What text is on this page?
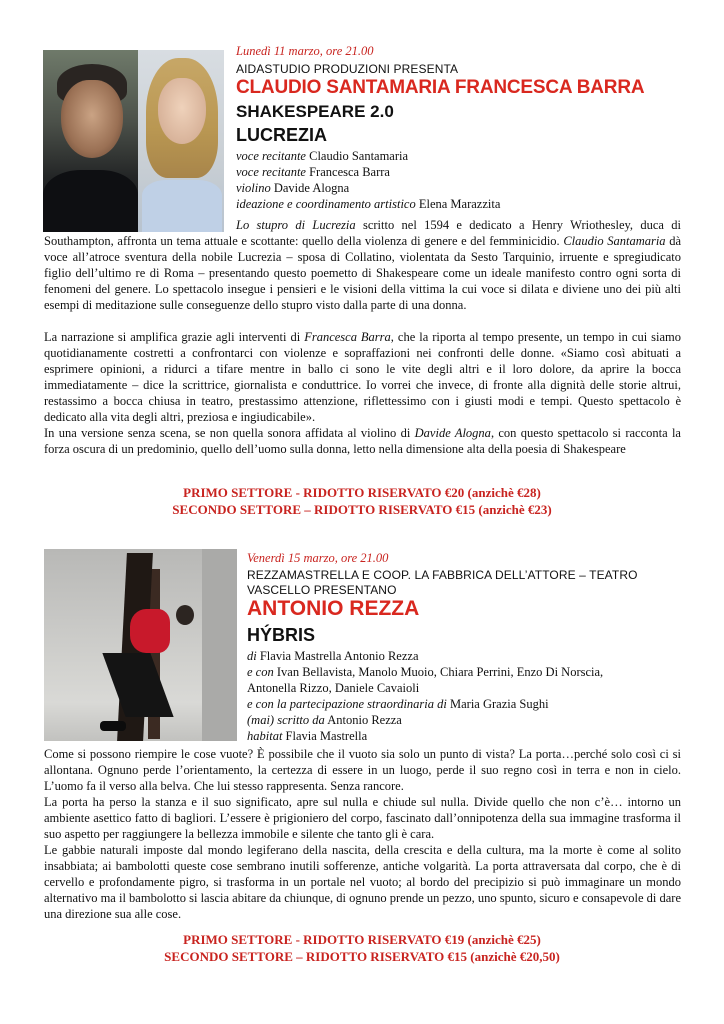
Lunedì 11 marzo, ore 21.00
AIDASTUDIO PRODUZIONI PRESENTA
CLAUDIO SANTAMARIA FRANCESCA BARRA
SHAKESPEARE 2.0
LUCREZIA
voce recitante Claudio Santamaria
voce recitante Francesca Barra
violino Davide Alogna
ideazione e coordinamento artistico Elena Marazzita

Lo stupro di Lucrezia scritto nel 1594 e dedicato a Henry Wriothesley, duca di Southampton, affronta un tema attuale e scottante: quello della violenza di genere e del femminicidio. Claudio Santamaria dà voce all’atroce sventura della nobile Lucrezia – sposa di Collatino, violentata da Sesto Tarquinio, irruente e spregiudicato figlio dell’ultimo re di Roma – presentando questo poemetto di Shakespeare come un ideale manifesto contro ogni sorta di fenomeni del genere. Lo spettacolo insegue i pensieri e le visioni della vittima la cui voce si dilata e diviene uno dei più alti esempi di meditazione sulle conseguenze dello stupro visto dalla parte di una donna.

La narrazione si amplifica grazie agli interventi di Francesca Barra, che la riporta al tempo presente, un tempo in cui siamo quotidianamente costretti a confrontarci con violenze e sopraffazioni nei confronti delle donne. «Siamo così abituati a esprimere opinioni, a ridurci a tifare mentre in ballo ci sono le vite degli altri e il loro dolore, da aprire la bocca immediatamente – dice la scrittrice, giornalista e conduttrice. Io vorrei che invece, di fronte alla dignità delle storie altrui, restassimo a bocca chiusa in teatro, prestassimo attenzione, riflettessimo con i giusti modi e tempi. Questo spettacolo è dedicato alla vita degli altri, preziosa e ingiudicabile».

In una versione senza scena, se non quella sonora affidata al violino di Davide Alogna, con questo spettacolo si racconta la forza oscura di un predominio, quello dell’uomo sulla donna, letto nella dimensione alta della poesia di Shakespeare

PRIMO SETTORE - RIDOTTO RISERVATO €20 (anzichè €28)
SECONDO SETTORE – RIDOTTO RISERVATO €15 (anzichè €23)
Venerdì 15 marzo, ore 21.00
REZZAMASTRELLA E COOP. LA FABBRICA DELL’ATTORE – TEATRO
VASCELLO PRESENTANO
ANTONIO REZZA
HÝBRIS
di Flavia Mastrella Antonio Rezza
e con Ivan Bellavista, Manolo Muoio, Chiara Perrini, Enzo Di Norscia,
Antonella Rizzo, Daniele Cavaioli
e con la partecipazione straordinaria di Maria Grazia Sughi
(mai) scritto da Antonio Rezza
habitat Flavia Mastrella

Come si possono riempire le cose vuote? È possibile che il vuoto sia solo un punto di vista? La porta…perché solo così ci si allontana. Ognuno perde l’orientamento, la certezza di essere in un luogo, perde il suo regno così in terra e non in cielo. L’uomo fa il verso alla belva. Che lui stesso rappresenta. Senza rancore.

La porta ha perso la stanza e il suo significato, apre sul nulla e chiude sul nulla. Divide quello che non c’è… intorno un ambiente asettico fatto di bagliori. L’essere è prigioniero del corpo, fascinato dall’onnipotenza della sua immagine trasforma il suo aspetto per raggiungere la bellezza immobile e silente che tanto gli è cara.

Le gabbie naturali imposte dal mondo legiferano della nascita, della crescita e della cultura, ma la morte è come al solito insabbiata; ai bambolotti queste cose sembrano inutili sofferenze, antiche volgarità. La porta attraversata dal corpo, che è di cervello e profondamente pigro, si trasforma in un portale nel vuoto; al bordo del precipizio si può immaginare un mondo alternativo ma il bambolotto si lascia abitare da chiunque, di ognuno prende un pezzo, uno spunto, sicuro e consapevole di dare una direzione sua alle cose.

PRIMO SETTORE - RIDOTTO RISERVATO €19 (anzichè €25)
SECONDO SETTORE – RIDOTTO RISERVATO €15 (anzichè €20,50)
